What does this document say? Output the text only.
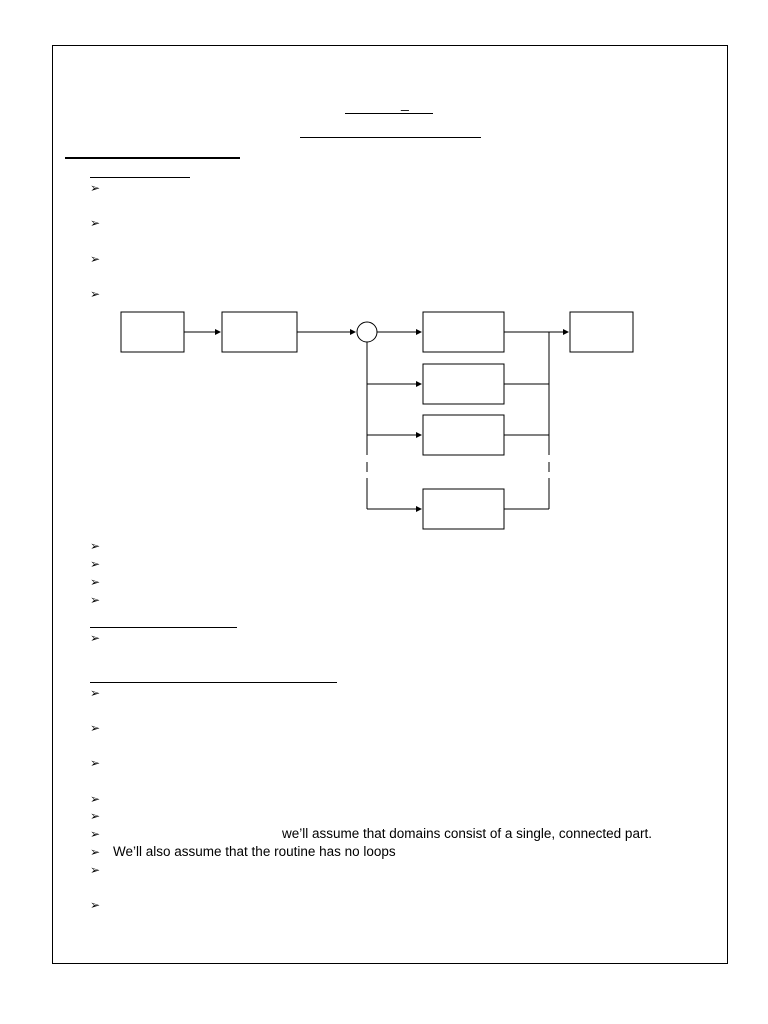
_
➢
➢
➢
➢
➢
➢
➢
➢
➢
➢
➢
➢
➢
➢
➢	we’ll assume that domains consist of a single, connected part.
➢ We’ll also assume that the routine has no loops
➢
➢
